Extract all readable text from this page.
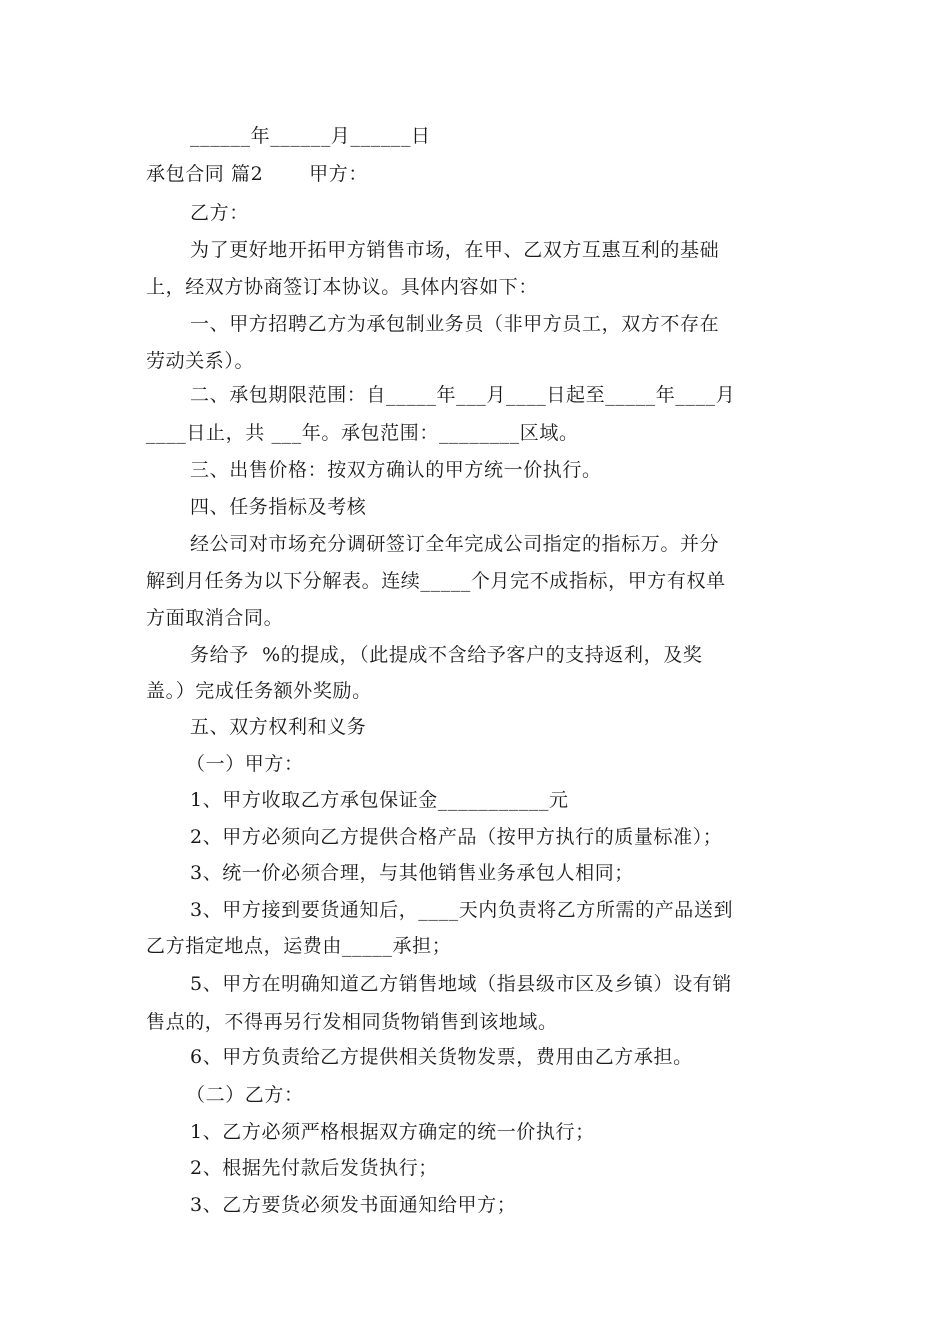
______年______月______日
承包合同 篇2　　 甲方：
乙方：
为了更好地开拓甲方销售市场，在甲、乙双方互惠互利的基础
上，经双方协商签订本协议。具体内容如下：
一、甲方招聘乙方为承包制业务员（非甲方员工，双方不存在
劳动关系）。
二、承包期限范围：自_____年___月____日起至_____年____月
____日止，共 ___年。承包范围：________区域。
三、出售价格：按双方确认的甲方统一价执行。
四、任务指标及考核
经公司对市场充分调研签订全年完成公司指定的指标万。并分
解到月任务为以下分解表。连续_____个月完不成指标，甲方有权单
方面取消合同。
务给予  %的提成，（此提成不含给予客户的支持返利，及奖
盖。）完成任务额外奖励。
五、双方权利和义务
（一）甲方：
1、甲方收取乙方承包保证金___________元
2、甲方必须向乙方提供合格产品（按甲方执行的质量标准）；
3、统一价必须合理，与其他销售业务承包人相同；
3、甲方接到要货通知后，____天内负责将乙方所需的产品送到
乙方指定地点，运费由_____承担；
5、甲方在明确知道乙方销售地域（指县级市区及乡镇）设有销
售点的，不得再另行发相同货物销售到该地域。
6、甲方负责给乙方提供相关货物发票，费用由乙方承担。
（二）乙方：
1、乙方必须严格根据双方确定的统一价执行；
2、根据先付款后发货执行；
3、乙方要货必须发书面通知给甲方；
